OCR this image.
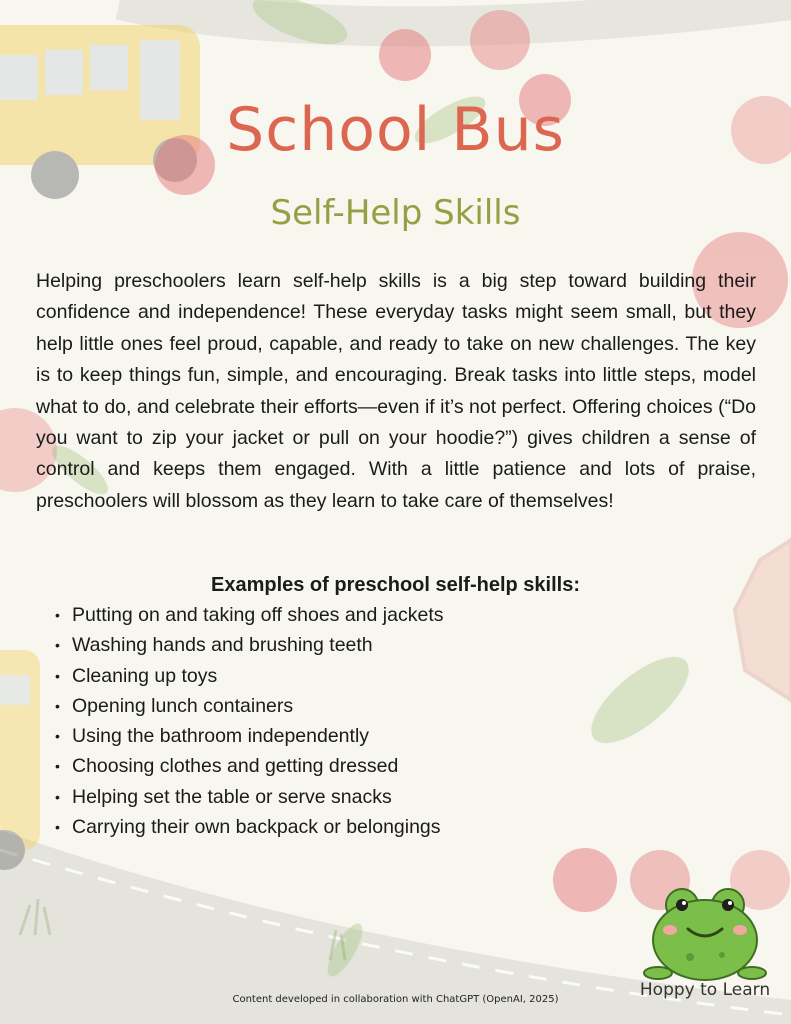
School Bus
Self-Help Skills

Helping preschoolers learn self-help skills is a big step toward building their confidence and independence! These everyday tasks might seem small, but they help little ones feel proud, capable, and ready to take on new challenges. The key is to keep things fun, simple, and encouraging. Break tasks into little steps, model what to do, and celebrate their efforts—even if it’s not perfect. Offering choices (“Do you want to zip your jacket or pull on your hoodie?”) gives children a sense of control and keeps them engaged. With a little patience and lots of praise, preschoolers will blossom as they learn to take care of themselves!

Examples of preschool self-help skills:

• Putting on and taking off shoes and jackets
• Washing hands and brushing teeth
• Cleaning up toys
• Opening lunch containers
• Using the bathroom independently
• Choosing clothes and getting dressed
• Helping set the table or serve snacks
• Carrying their own backpack or belongings
Hoppy to Learn

Content developed in collaboration with ChatGPT (OpenAI, 2025)
